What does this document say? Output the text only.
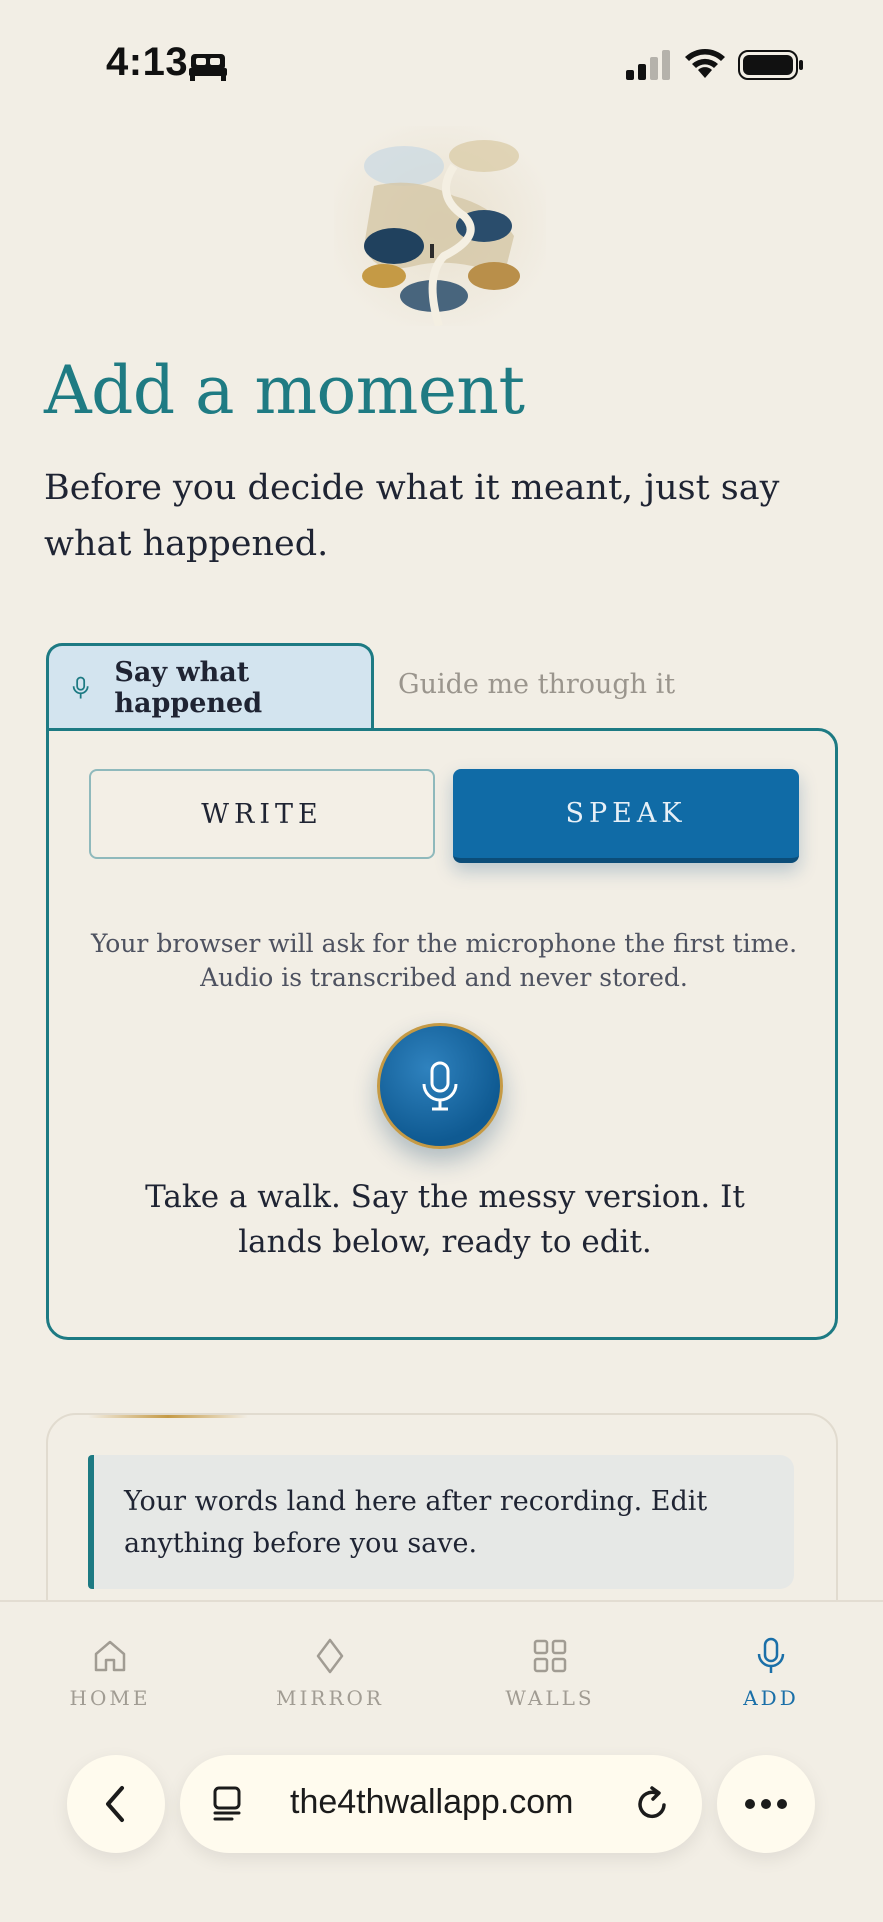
4:13
Add a moment

Before you decide what it meant, just say what happened.

Say what happened
Guide me through it
WRITE	SPEAK
Your browser will ask for the microphone the first time. Audio is transcribed and never stored.
Take a walk. Say the messy version. It lands below, ready to edit.
Your words land here after recording. Edit anything before you save.
HOME	MIRROR	WALLS	ADD
the4thwallapp.com
